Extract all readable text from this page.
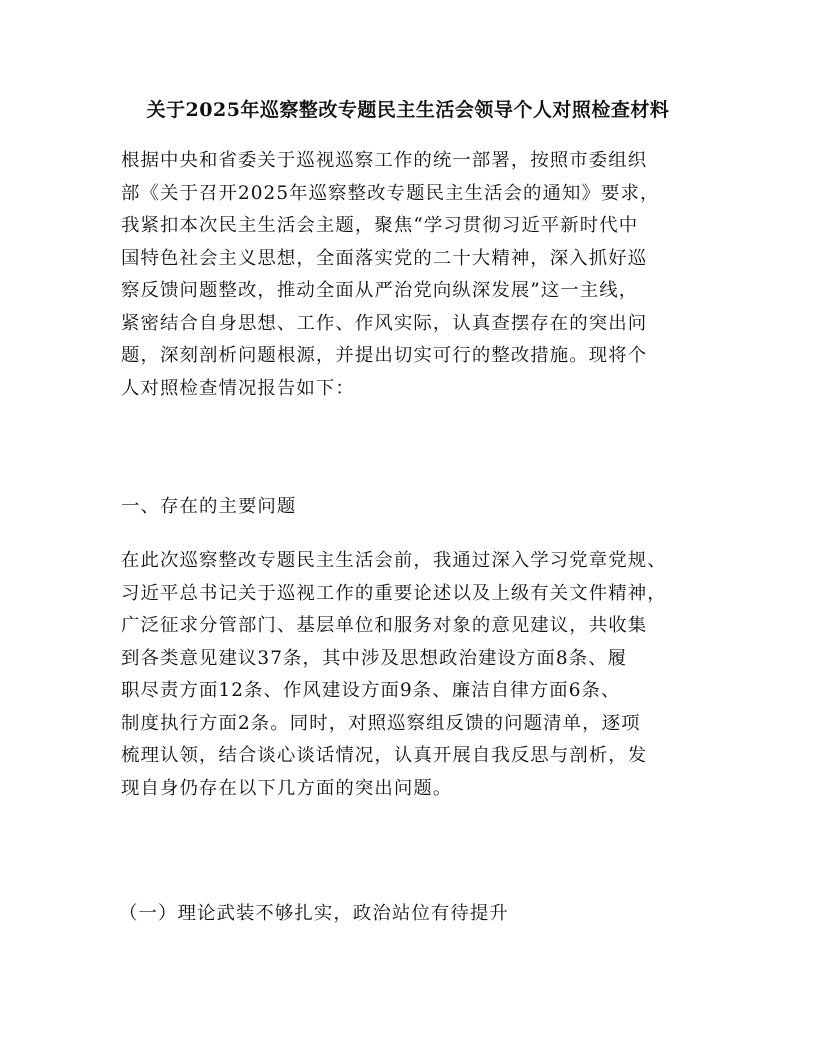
关于2025年巡察整改专题民主生活会领导个人对照检查材料
根据中央和省委关于巡视巡察工作的统一部署，按照市委组织
部《关于召开2025年巡察整改专题民主生活会的通知》要求，
我紧扣本次民主生活会主题，聚焦“学习贯彻习近平新时代中
国特色社会主义思想，全面落实党的二十大精神，深入抓好巡
察反馈问题整改，推动全面从严治党向纵深发展”这一主线，
紧密结合自身思想、工作、作风实际，认真查摆存在的突出问
题，深刻剖析问题根源，并提出切实可行的整改措施。现将个
人对照检查情况报告如下：
一、存在的主要问题
在此次巡察整改专题民主生活会前，我通过深入学习党章党规、
习近平总书记关于巡视工作的重要论述以及上级有关文件精神，
广泛征求分管部门、基层单位和服务对象的意见建议，共收集
到各类意见建议37条，其中涉及思想政治建设方面8条、履
职尽责方面12条、作风建设方面9条、廉洁自律方面6条、
制度执行方面2条。同时，对照巡察组反馈的问题清单，逐项
梳理认领，结合谈心谈话情况，认真开展自我反思与剖析，发
现自身仍存在以下几方面的突出问题。
（一）理论武装不够扎实，政治站位有待提升
